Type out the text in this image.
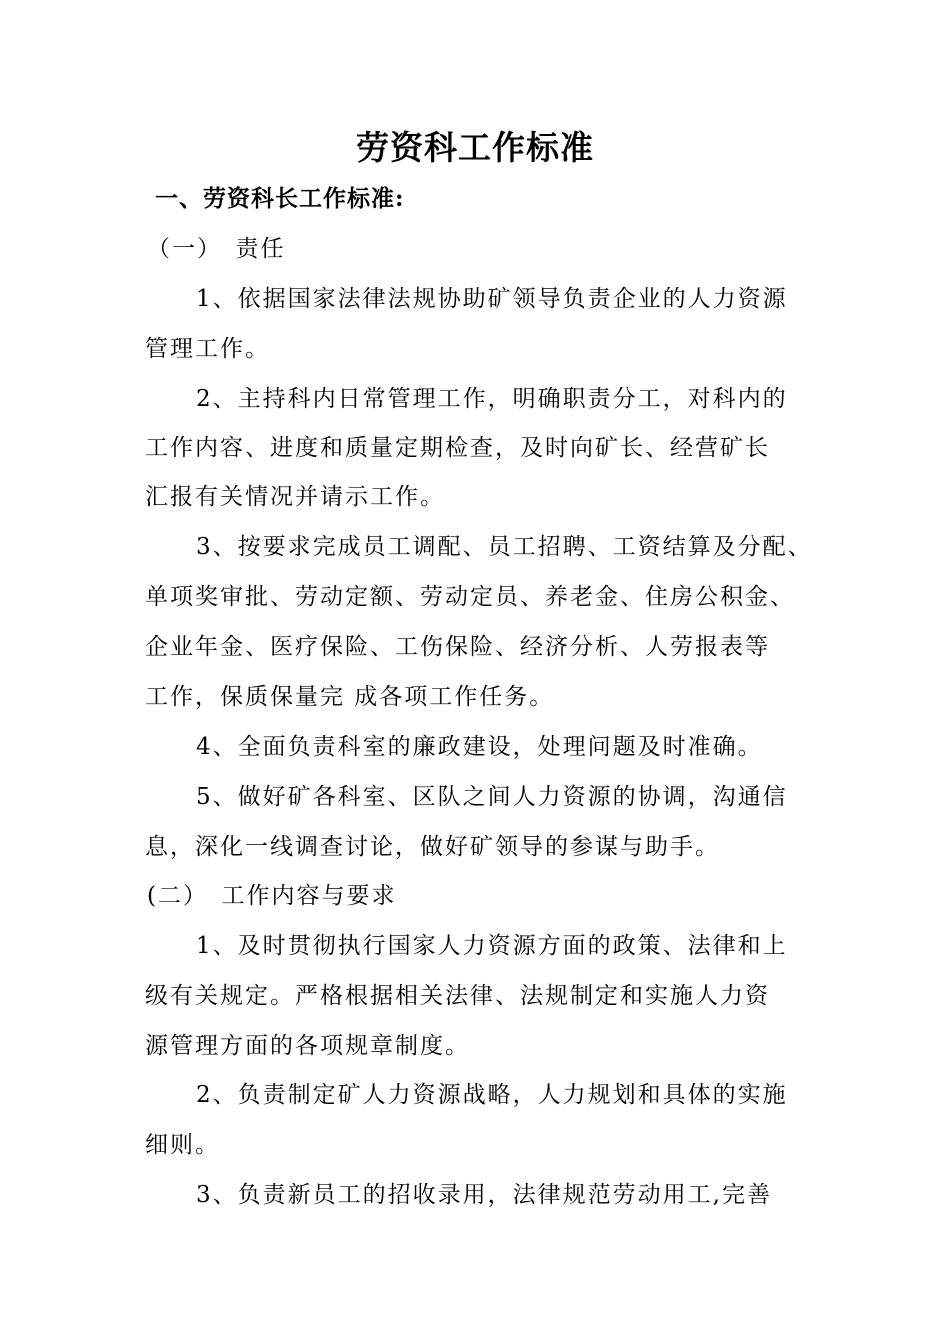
劳资科工作标准
一、劳资科长工作标准:
（一）　责任
1、依据国家法律法规协助矿领导负责企业的人力资源
管理工作。
2、主持科内日常管理工作，明确职责分工，对科内的
工作内容、进度和质量定期检查，及时向矿长、经营矿长
汇报有关情况并请示工作。
3、按要求完成员工调配、员工招聘、工资结算及分配、
单项奖审批、劳动定额、劳动定员、养老金、住房公积金、
企业年金、医疗保险、工伤保险、经济分析、人劳报表等
工作，保质保量完 成各项工作任务。
4、全面负责科室的廉政建设，处理问题及时准确。
5、做好矿各科室、区队之间人力资源的协调，沟通信
息，深化一线调查讨论，做好矿领导的参谋与助手。
(二）　工作内容与要求
1、及时贯彻执行国家人力资源方面的政策、法律和上
级有关规定。严格根据相关法律、法规制定和实施人力资
源管理方面的各项规章制度。
2、负责制定矿人力资源战略，人力规划和具体的实施
细则。
3、负责新员工的招收录用，法律规范劳动用工,完善
